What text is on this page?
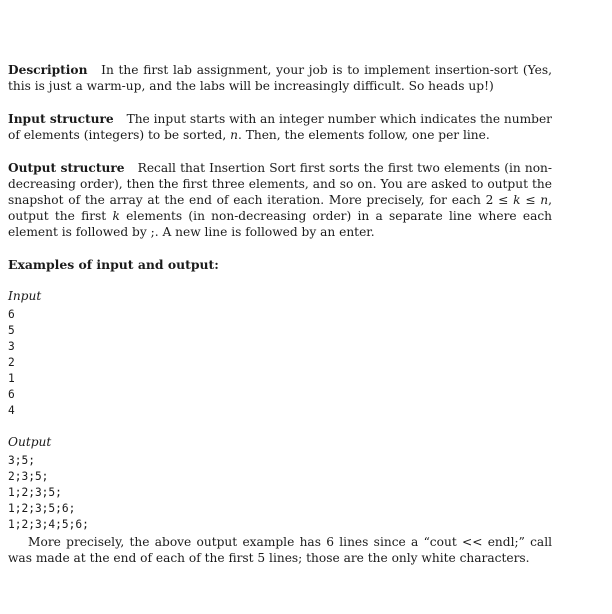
Description In the first lab assignment, your job is to implement insertion-sort (Yes, this is just a warm-up, and the labs will be increasingly difficult. So heads up!)

Input structure The input starts with an integer number which indicates the number of elements (integers) to be sorted, n. Then, the elements follow, one per line.

Output structure Recall that Insertion Sort first sorts the first two elements (in non-decreasing order), then the first three elements, and so on. You are asked to output the snapshot of the array at the end of each iteration. More precisely, for each 2 ≤ k ≤ n, output the first k elements (in non-decreasing order) in a separate line where each element is followed by ;. A new line is followed by an enter.

Examples of input and output:

Input

6
5
3
2
1
6
4

Output

3;5;
2;3;5;
1;2;3;5;
1;2;3;5;6;
1;2;3;4;5;6;

More precisely, the above output example has 6 lines since a “cout << endl;” call was made at the end of each of the first 5 lines; those are the only white characters.
